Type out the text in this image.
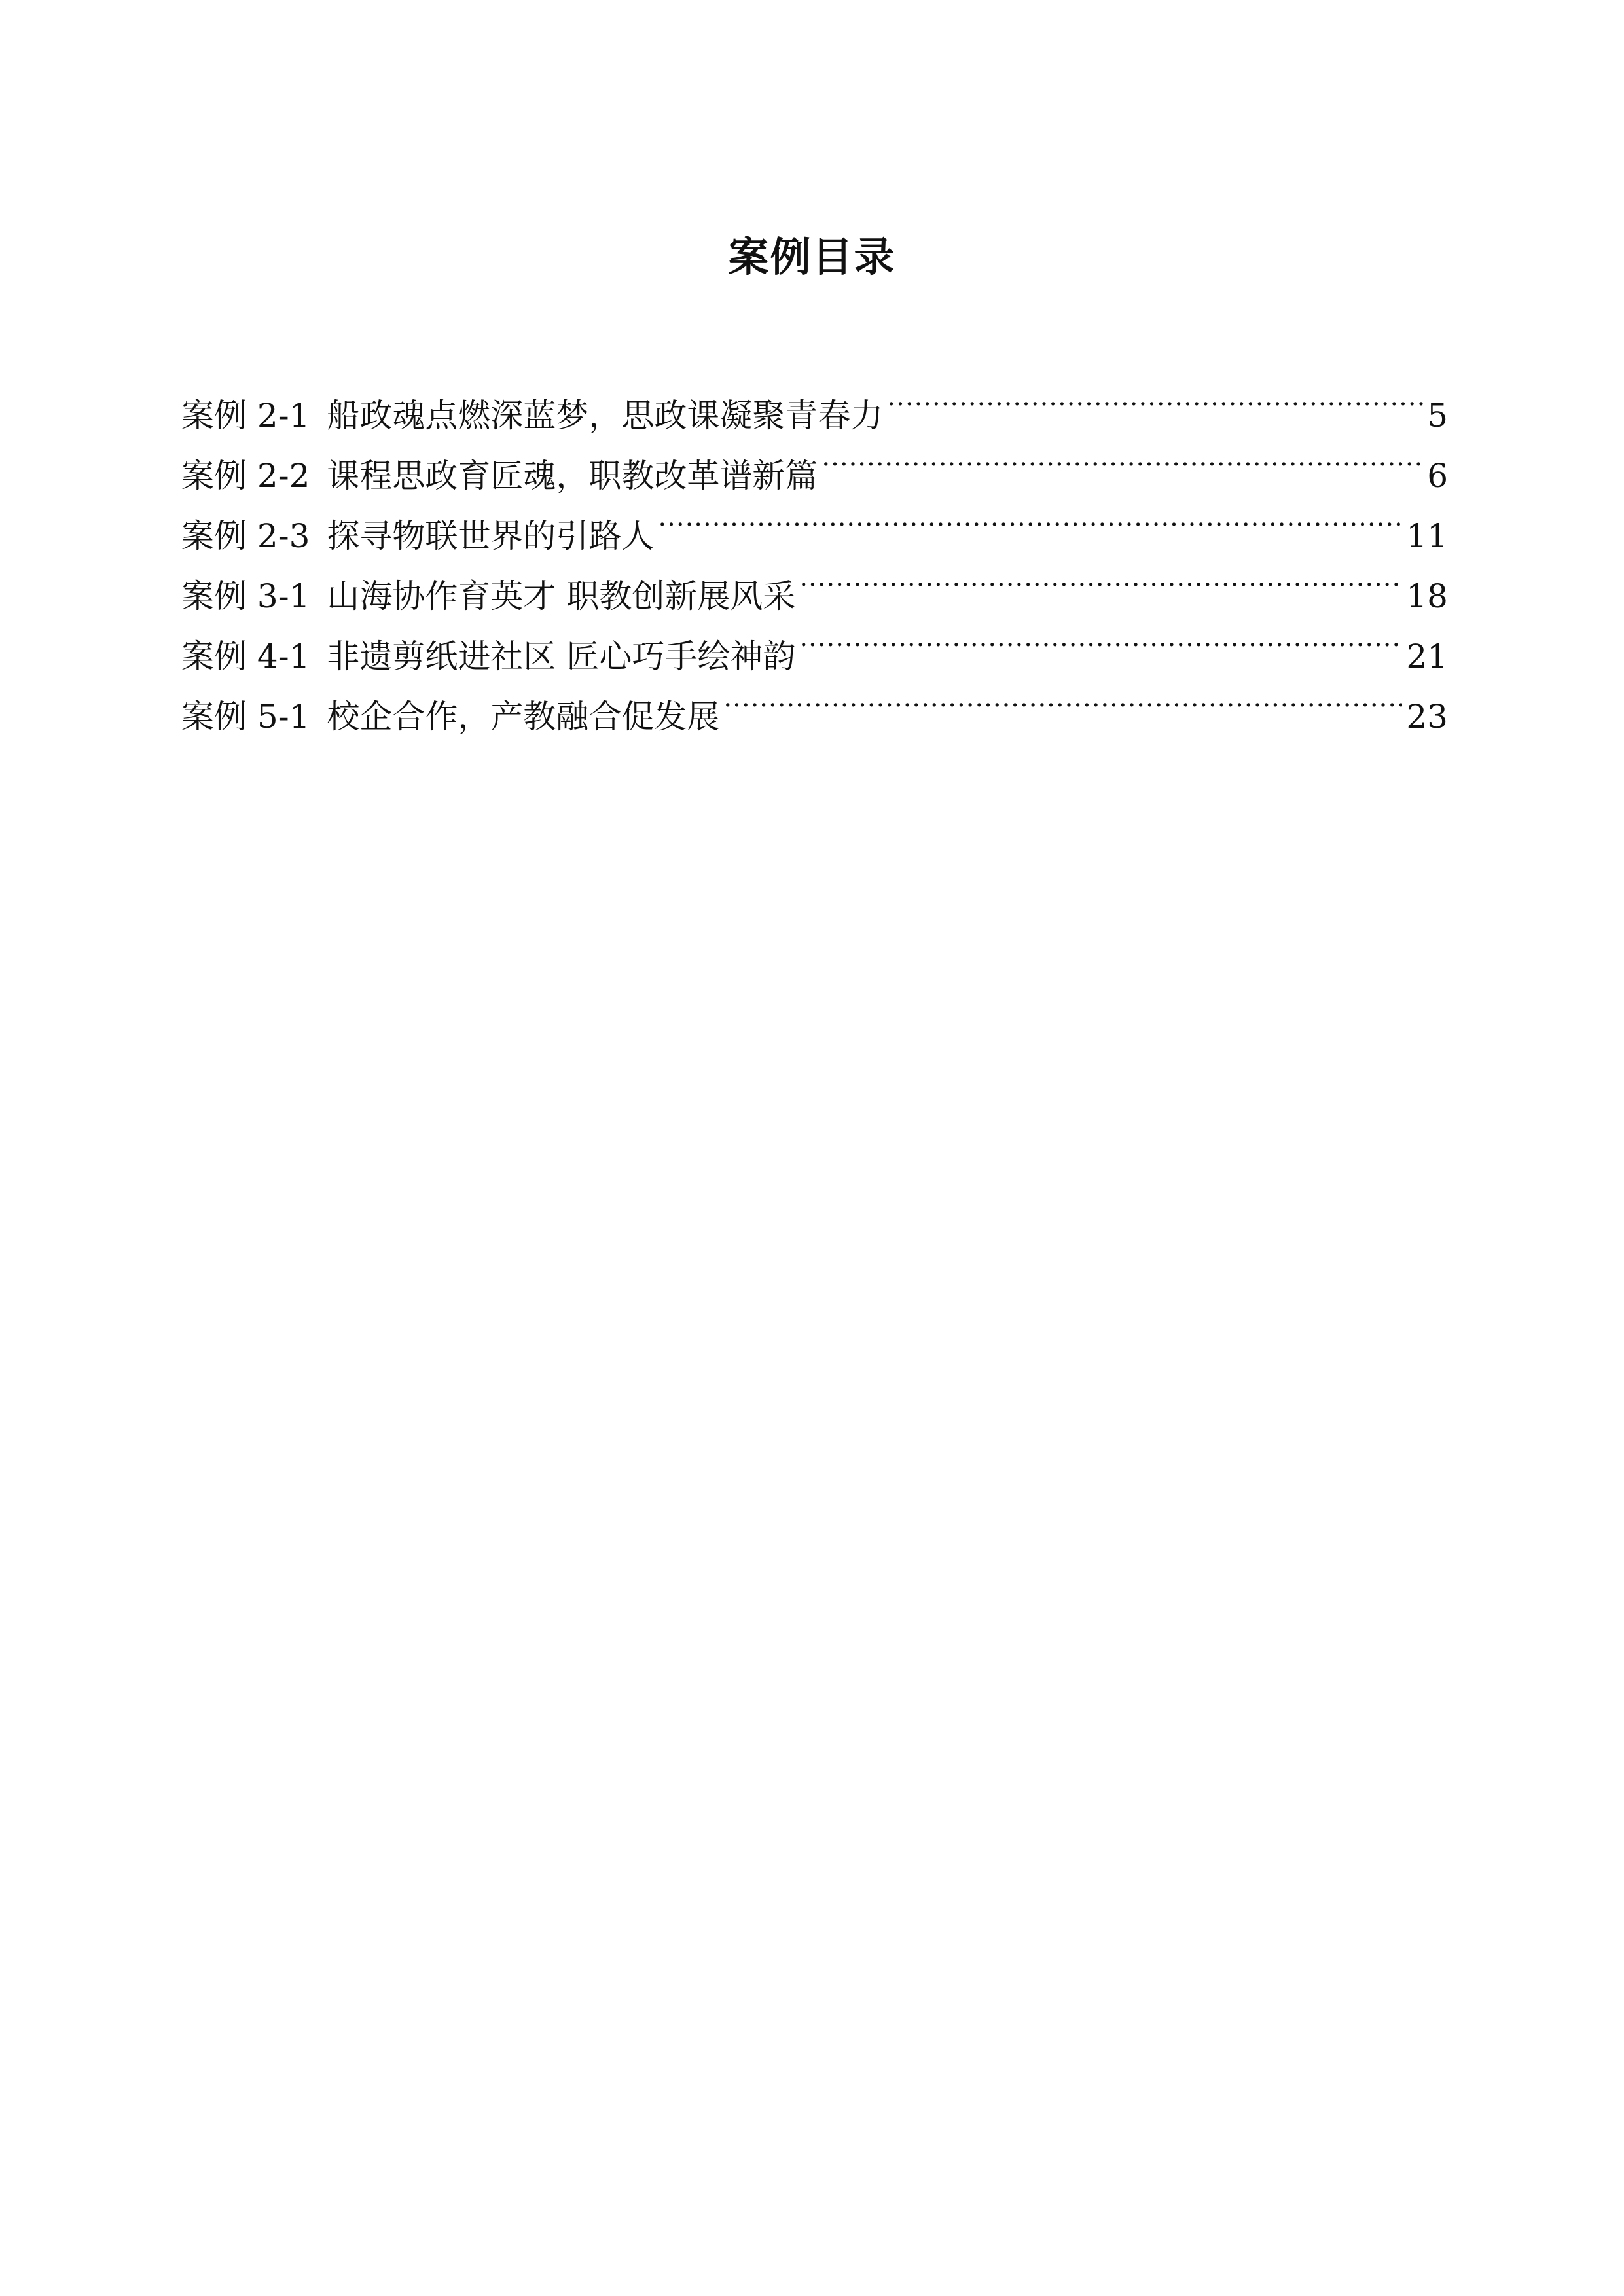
案例目录
案例 2-1 船政魂点燃深蓝梦，思政课凝聚青春力 .....	5
案例 2-2 课程思政育匠魂，职教改革谱新篇 .....	6
案例 2-3 探寻物联世界的引路人 .....	11
案例 3-1 山海协作育英才 职教创新展风采 .....	18
案例 4-1 非遗剪纸进社区 匠心巧手绘神韵 .....	21
案例 5-1 校企合作，产教融合促发展 .....	23
